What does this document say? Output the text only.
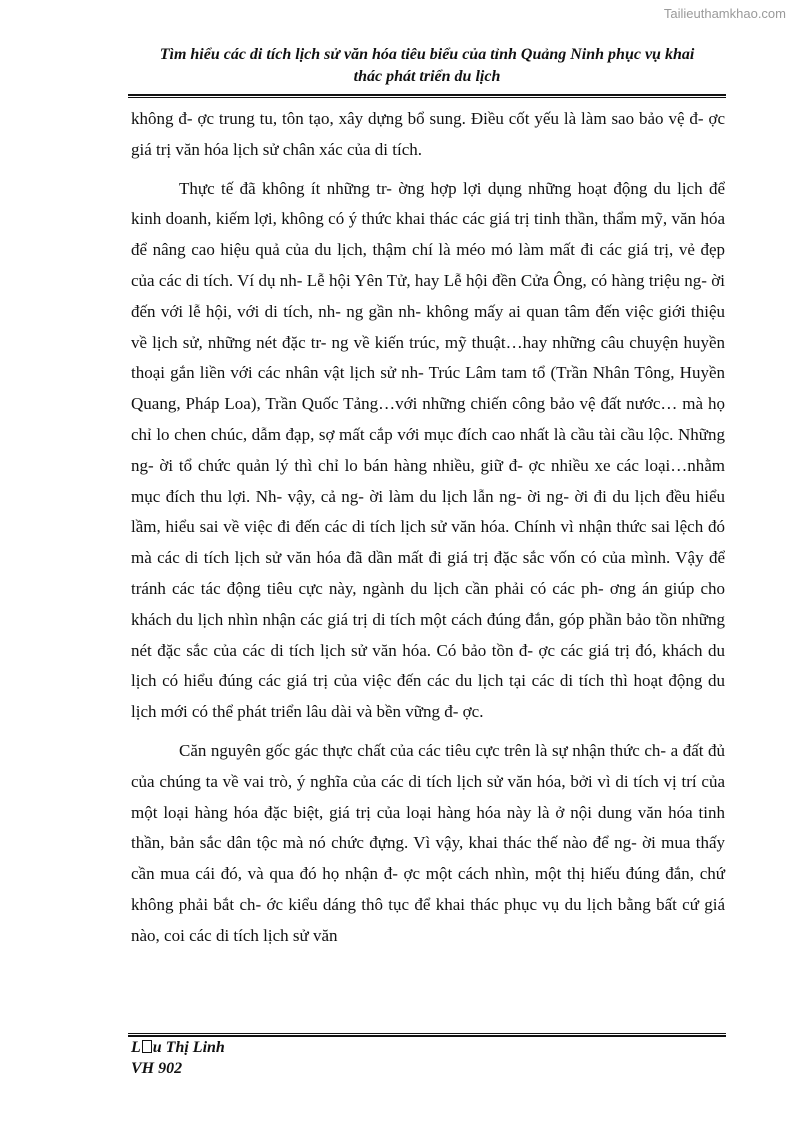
Tailieuthamkhao.com
Tìm hiểu các di tích lịch sử văn hóa tiêu biểu của tỉnh Quảng Ninh phục vụ khai
thác phát triển du lịch

không đ- ợc trung tu, tôn tạo, xây dựng bổ sung. Điều cốt yếu là làm sao bảo vệ đ- ợc giá trị văn hóa lịch sử chân xác của di tích.

Thực tế đã không ít những tr- ờng hợp lợi dụng những hoạt động du lịch để kinh doanh, kiếm lợi, không có ý thức khai thác các giá trị tinh thần, thẩm mỹ, văn hóa để nâng cao hiệu quả của du lịch, thậm chí là méo mó làm mất đi các giá trị, vẻ đẹp của các di tích. Ví dụ nh- Lễ hội Yên Tử, hay Lễ hội đền Cửa Ông, có hàng triệu ng- ời đến với lễ hội, với di tích, nh- ng gần nh- không mấy ai quan tâm đến việc giới thiệu về lịch sử, những nét đặc tr- ng về kiến trúc, mỹ thuật…hay những câu chuyện huyền thoại gắn liền với các nhân vật lịch sử nh- Trúc Lâm tam tổ (Trần Nhân Tông, Huyền Quang, Pháp Loa), Trần Quốc Tảng…với những chiến công bảo vệ đất nước… mà họ chỉ lo chen chúc, dẫm đạp, sợ mất cắp với mục đích cao nhất là cầu tài cầu lộc. Những ng- ời tổ chức quản lý thì chỉ lo bán hàng nhiều, giữ đ- ợc nhiều xe các loại…nhằm mục đích thu lợi. Nh- vậy, cả ng- ời làm du lịch lẫn ng- ời ng- ời đi du lịch đều hiểu lầm, hiểu sai về việc đi đến các di tích lịch sử văn hóa. Chính vì nhận thức sai lệch đó mà các di tích lịch sử văn hóa đã dần mất đi giá trị đặc sắc vốn có của mình. Vậy để tránh các tác động tiêu cực này, ngành du lịch cần phải có các ph- ơng án giúp cho khách du lịch nhìn nhận các giá trị di tích một cách đúng đắn, góp phần bảo tồn những nét đặc sắc của các di tích lịch sử văn hóa. Có bảo tồn đ- ợc các giá trị đó, khách du lịch có hiểu đúng các giá trị của việc đến các du lịch tại các di tích thì hoạt động du lịch mới có thể phát triển lâu dài và bền vững đ- ợc.

Căn nguyên gốc gác thực chất của các tiêu cực trên là sự nhận thức ch- a đất đủ của chúng ta về vai trò, ý nghĩa của các di tích lịch sử văn hóa, bởi vì di tích vị trí của một loại hàng hóa đặc biệt, giá trị của loại hàng hóa này là ở nội dung văn hóa tinh thần, bản sắc dân tộc mà nó chức đựng. Vì vậy, khai thác thế nào để ng- ời mua thấy cần mua cái đó, và qua đó họ nhận đ- ợc một cách nhìn, một thị hiếu đúng đắn, chứ không phải bắt ch- ớc kiểu dáng thô tục để khai thác phục vụ du lịch bằng bất cứ giá nào, coi các di tích lịch sử văn

L u Thị Linh
VH 902
